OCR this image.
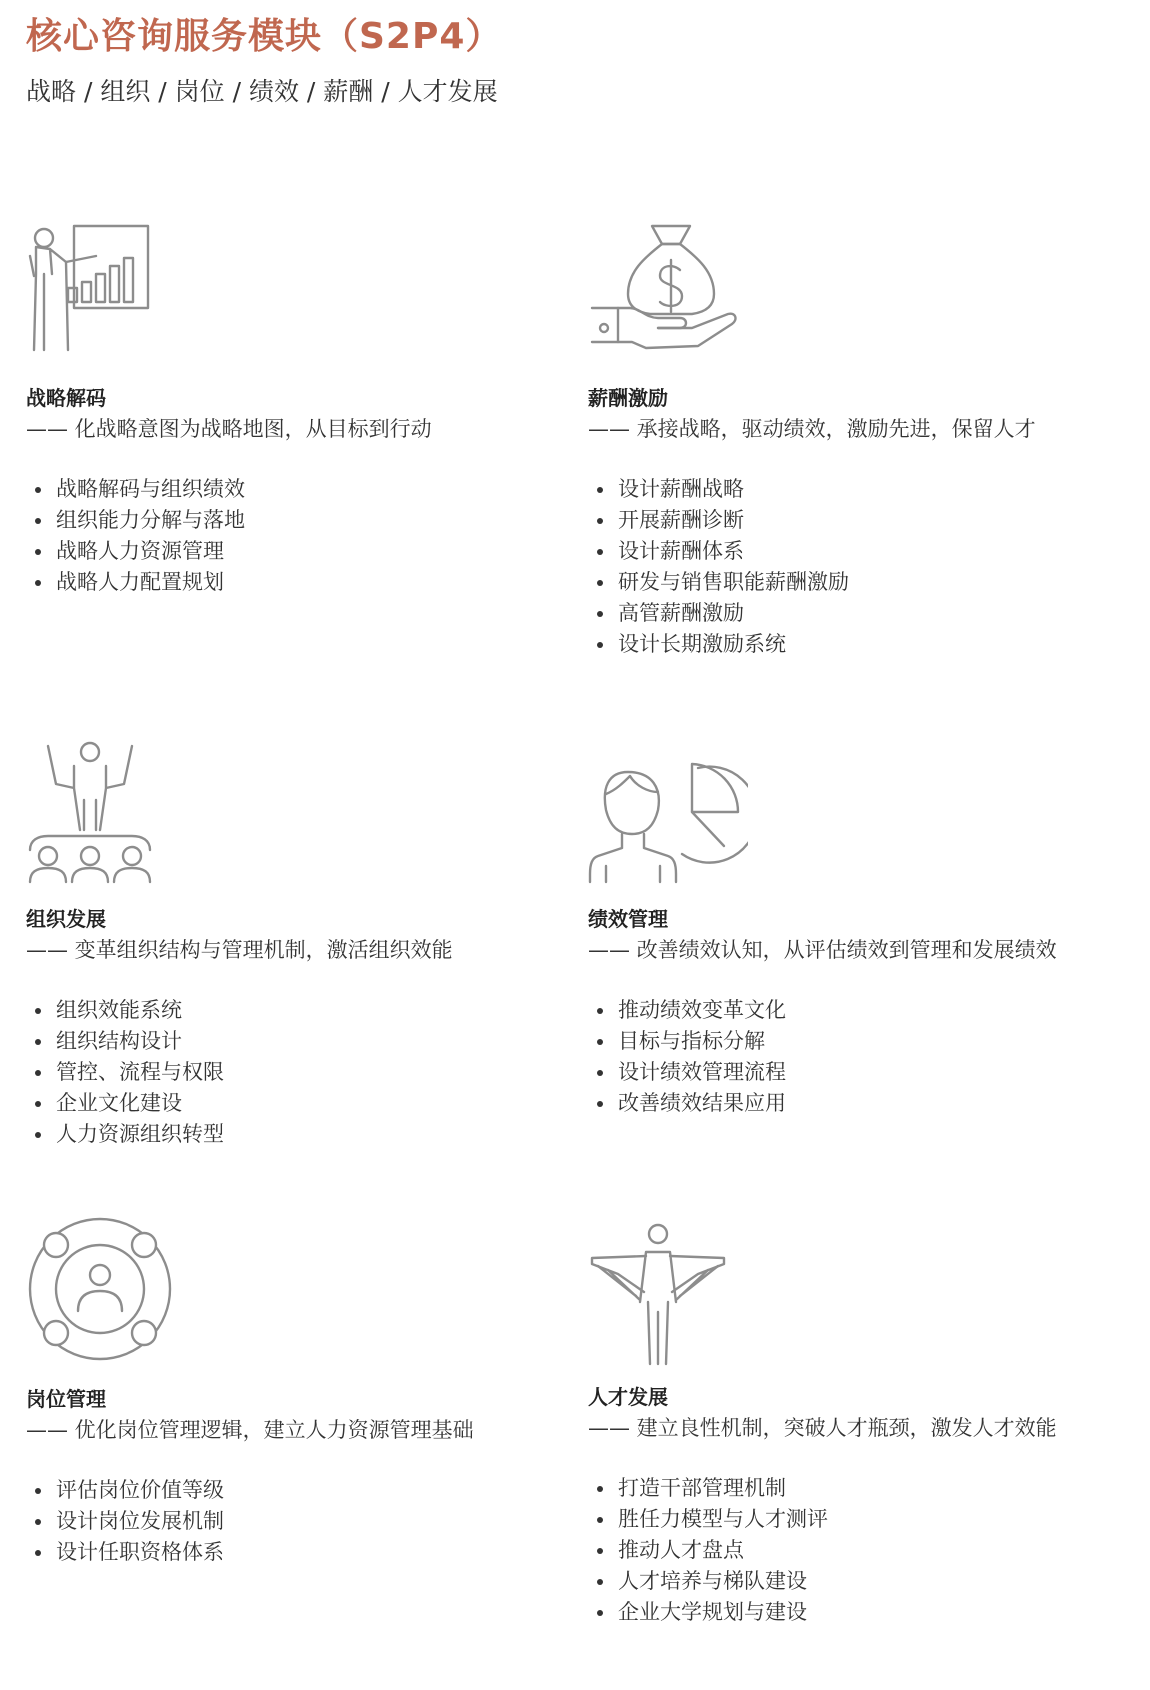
核心咨询服务模块（S2P4）

战略 / 组织 / 岗位 / 绩效 / 薪酬 / 人才发展

战略解码

—— 化战略意图为战略地图，从目标到行动

战略解码与组织绩效
组织能力分解与落地
战略人力资源管理
战略人力配置规划
薪酬激励

—— 承接战略，驱动绩效，激励先进，保留人才

设计薪酬战略
开展薪酬诊断
设计薪酬体系
研发与销售职能薪酬激励
高管薪酬激励
设计长期激励系统
组织发展

—— 变革组织结构与管理机制，激活组织效能

组织效能系统
组织结构设计
管控、流程与权限
企业文化建设
人力资源组织转型
绩效管理

—— 改善绩效认知，从评估绩效到管理和发展绩效

推动绩效变革文化
目标与指标分解
设计绩效管理流程
改善绩效结果应用
岗位管理

—— 优化岗位管理逻辑，建立人力资源管理基础

评估岗位价值等级
设计岗位发展机制
设计任职资格体系
人才发展

—— 建立良性机制，突破人才瓶颈，激发人才效能

打造干部管理机制
胜任力模型与人才测评
推动人才盘点
人才培养与梯队建设
企业大学规划与建设
